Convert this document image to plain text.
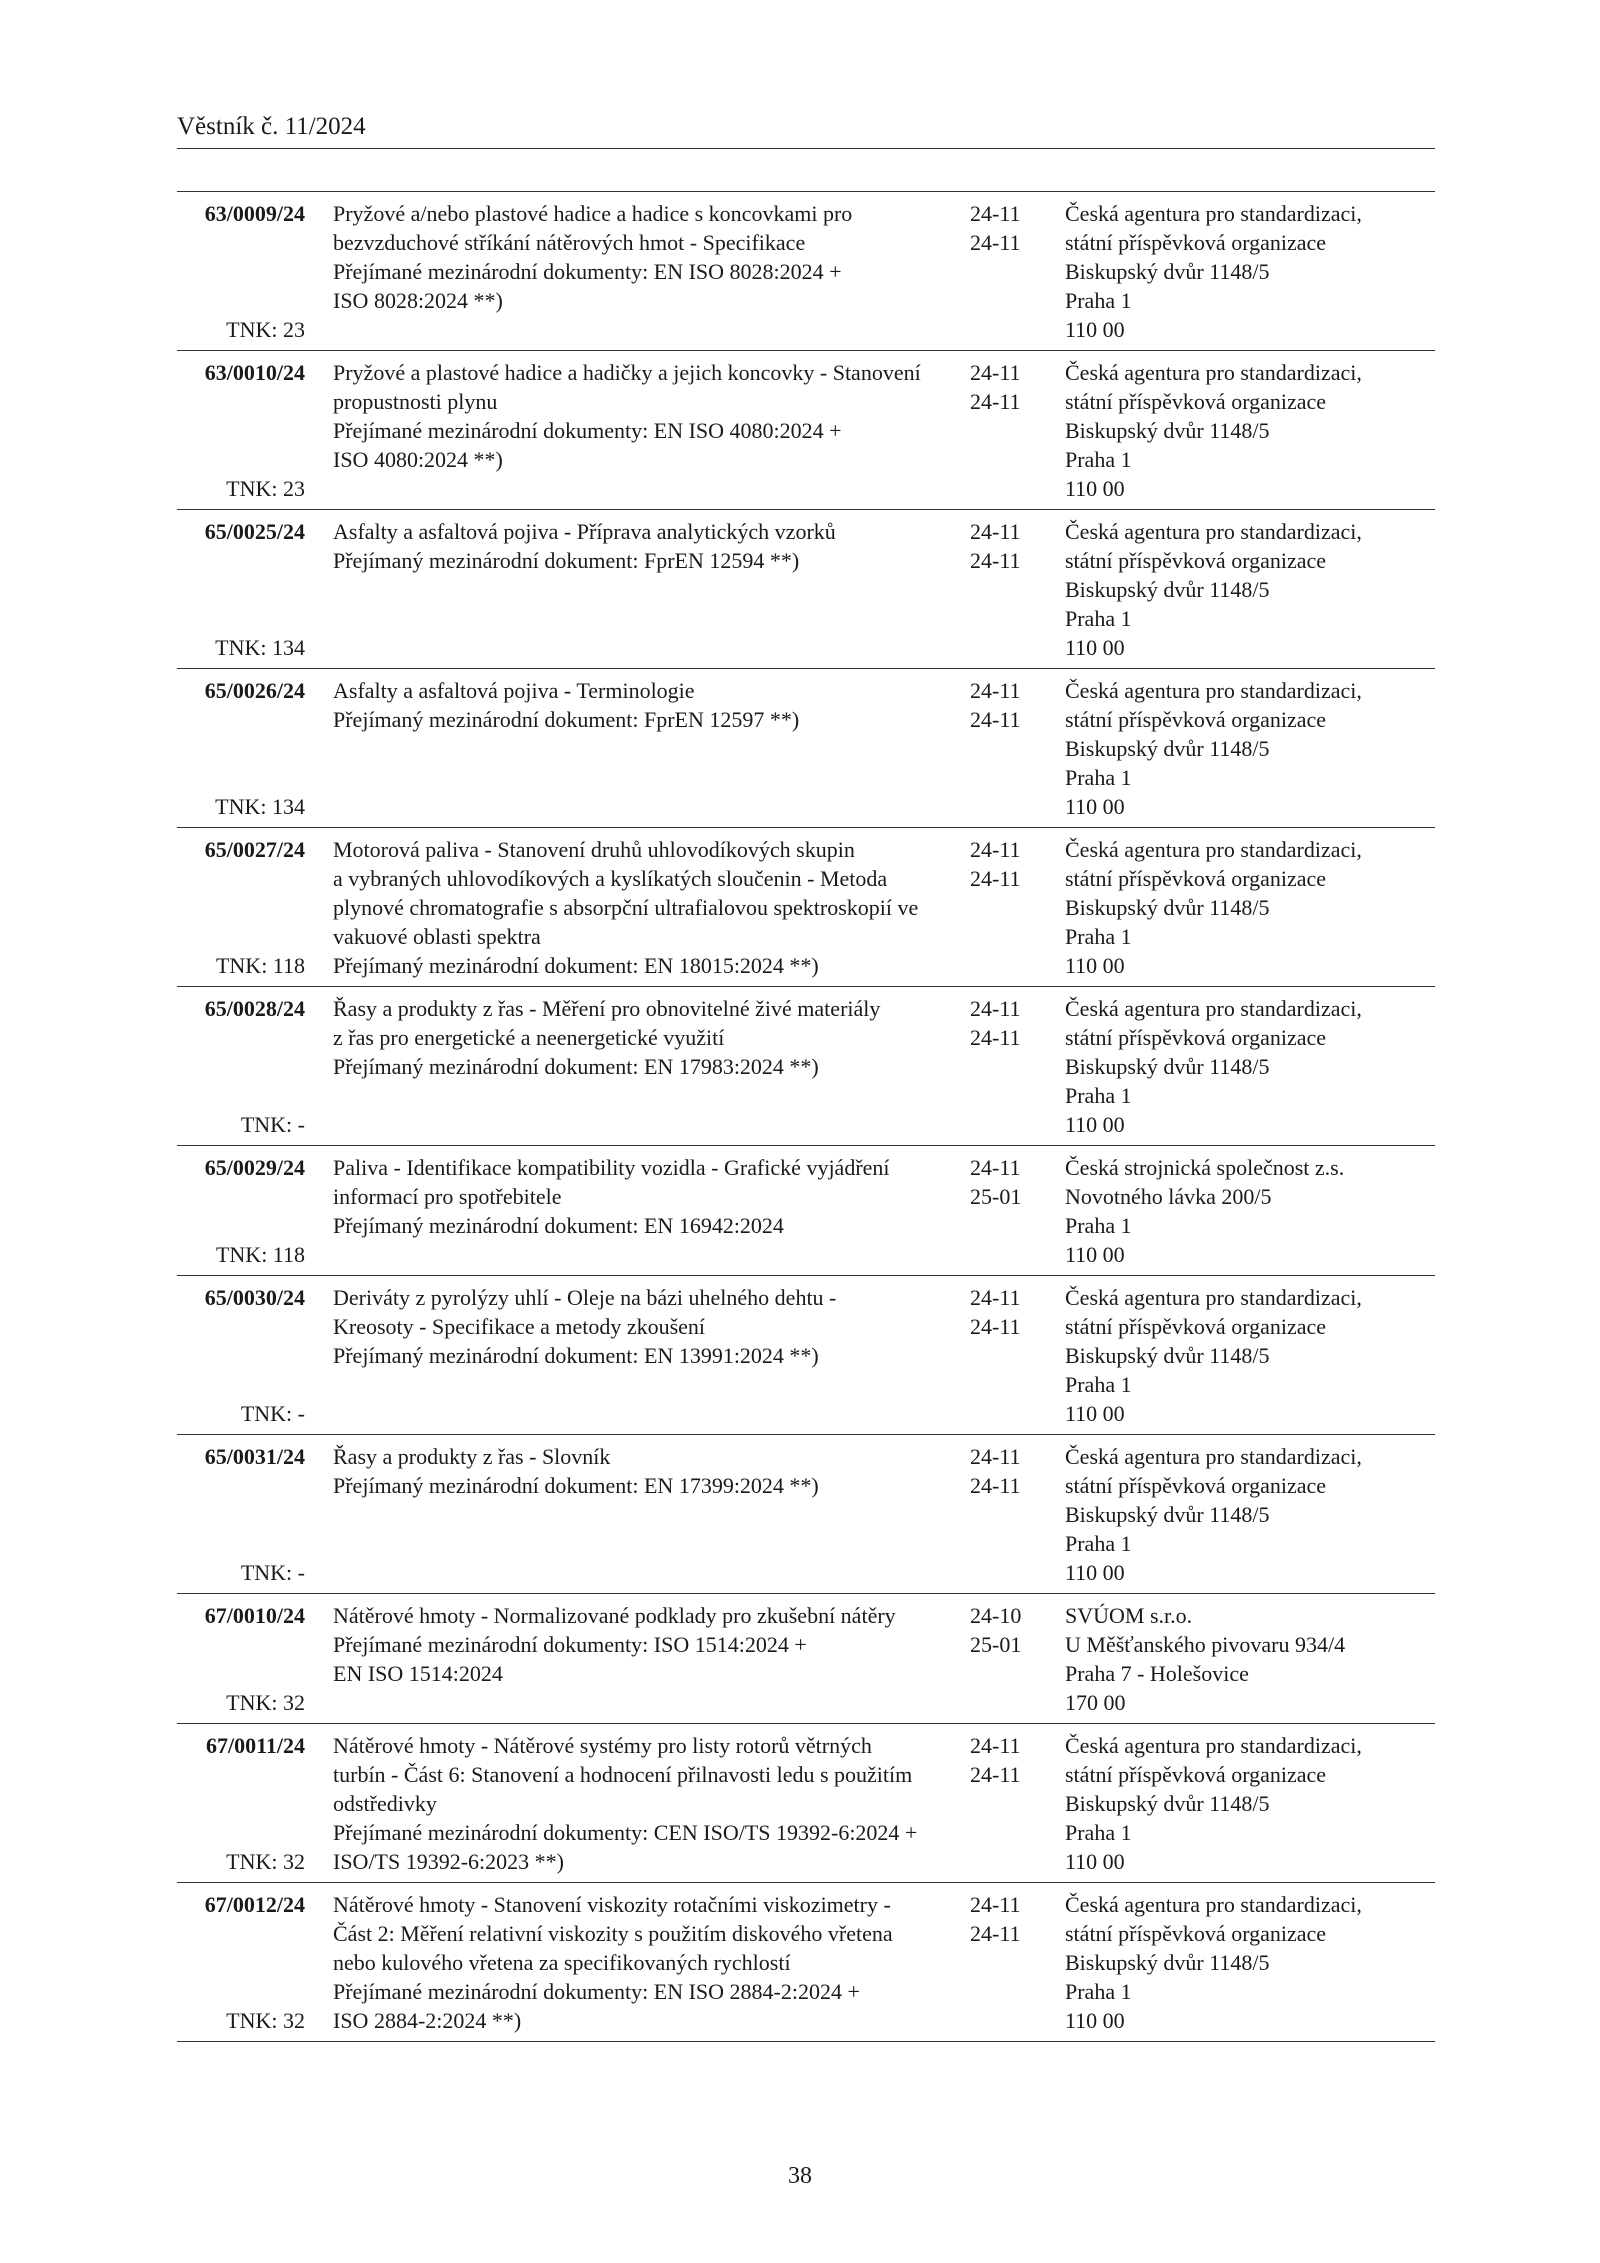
Věstník č. 11/2024
63/0009/24
TNK: 23
Pryžové a/nebo plastové hadice a hadice s koncovkami pro
bezvzduchové stříkání nátěrových hmot - Specifikace
Přejímané mezinárodní dokumenty: EN ISO 8028:2024 +
ISO 8028:2024 **)
24-11
24-11
Česká agentura pro standardizaci,
státní příspěvková organizace
Biskupský dvůr 1148/5
Praha 1
110 00
63/0010/24
TNK: 23
Pryžové a plastové hadice a hadičky a jejich koncovky - Stanovení
propustnosti plynu
Přejímané mezinárodní dokumenty: EN ISO 4080:2024 +
ISO 4080:2024 **)
24-11
24-11
Česká agentura pro standardizaci,
státní příspěvková organizace
Biskupský dvůr 1148/5
Praha 1
110 00
65/0025/24
TNK: 134
Asfalty a asfaltová pojiva - Příprava analytických vzorků
Přejímaný mezinárodní dokument: FprEN 12594 **)
24-11
24-11
Česká agentura pro standardizaci,
státní příspěvková organizace
Biskupský dvůr 1148/5
Praha 1
110 00
65/0026/24
TNK: 134
Asfalty a asfaltová pojiva - Terminologie
Přejímaný mezinárodní dokument: FprEN 12597 **)
24-11
24-11
Česká agentura pro standardizaci,
státní příspěvková organizace
Biskupský dvůr 1148/5
Praha 1
110 00
65/0027/24
TNK: 118
Motorová paliva - Stanovení druhů uhlovodíkových skupin
a vybraných uhlovodíkových a kyslíkatých sloučenin - Metoda
plynové chromatografie s absorpční ultrafialovou spektroskopií ve
vakuové oblasti spektra
Přejímaný mezinárodní dokument: EN 18015:2024 **)
24-11
24-11
Česká agentura pro standardizaci,
státní příspěvková organizace
Biskupský dvůr 1148/5
Praha 1
110 00
65/0028/24
TNK: -
Řasy a produkty z řas - Měření pro obnovitelné živé materiály
z řas pro energetické a neenergetické využití
Přejímaný mezinárodní dokument: EN 17983:2024 **)
24-11
24-11
Česká agentura pro standardizaci,
státní příspěvková organizace
Biskupský dvůr 1148/5
Praha 1
110 00
65/0029/24
TNK: 118
Paliva - Identifikace kompatibility vozidla - Grafické vyjádření
informací pro spotřebitele
Přejímaný mezinárodní dokument: EN 16942:2024
24-11
25-01
Česká strojnická společnost z.s.
Novotného lávka 200/5
Praha 1
110 00
65/0030/24
TNK: -
Deriváty z pyrolýzy uhlí - Oleje na bázi uhelného dehtu -
Kreosoty - Specifikace a metody zkoušení
Přejímaný mezinárodní dokument: EN 13991:2024 **)
24-11
24-11
Česká agentura pro standardizaci,
státní příspěvková organizace
Biskupský dvůr 1148/5
Praha 1
110 00
65/0031/24
TNK: -
Řasy a produkty z řas - Slovník
Přejímaný mezinárodní dokument: EN 17399:2024 **)
24-11
24-11
Česká agentura pro standardizaci,
státní příspěvková organizace
Biskupský dvůr 1148/5
Praha 1
110 00
67/0010/24
TNK: 32
Nátěrové hmoty - Normalizované podklady pro zkušební nátěry
Přejímané mezinárodní dokumenty: ISO 1514:2024 +
EN ISO 1514:2024
24-10
25-01
SVÚOM s.r.o.
U Měšťanského pivovaru 934/4
Praha 7 - Holešovice
170 00
67/0011/24
TNK: 32
Nátěrové hmoty - Nátěrové systémy pro listy rotorů větrných
turbín - Část 6: Stanovení a hodnocení přilnavosti ledu s použitím
odstředivky
Přejímané mezinárodní dokumenty: CEN ISO/TS 19392-6:2024 +
ISO/TS 19392-6:2023 **)
24-11
24-11
Česká agentura pro standardizaci,
státní příspěvková organizace
Biskupský dvůr 1148/5
Praha 1
110 00
67/0012/24
TNK: 32
Nátěrové hmoty - Stanovení viskozity rotačními viskozimetry -
Část 2: Měření relativní viskozity s použitím diskového vřetena
nebo kulového vřetena za specifikovaných rychlostí
Přejímané mezinárodní dokumenty: EN ISO 2884-2:2024 +
ISO 2884-2:2024 **)
24-11
24-11
Česká agentura pro standardizaci,
státní příspěvková organizace
Biskupský dvůr 1148/5
Praha 1
110 00
38
